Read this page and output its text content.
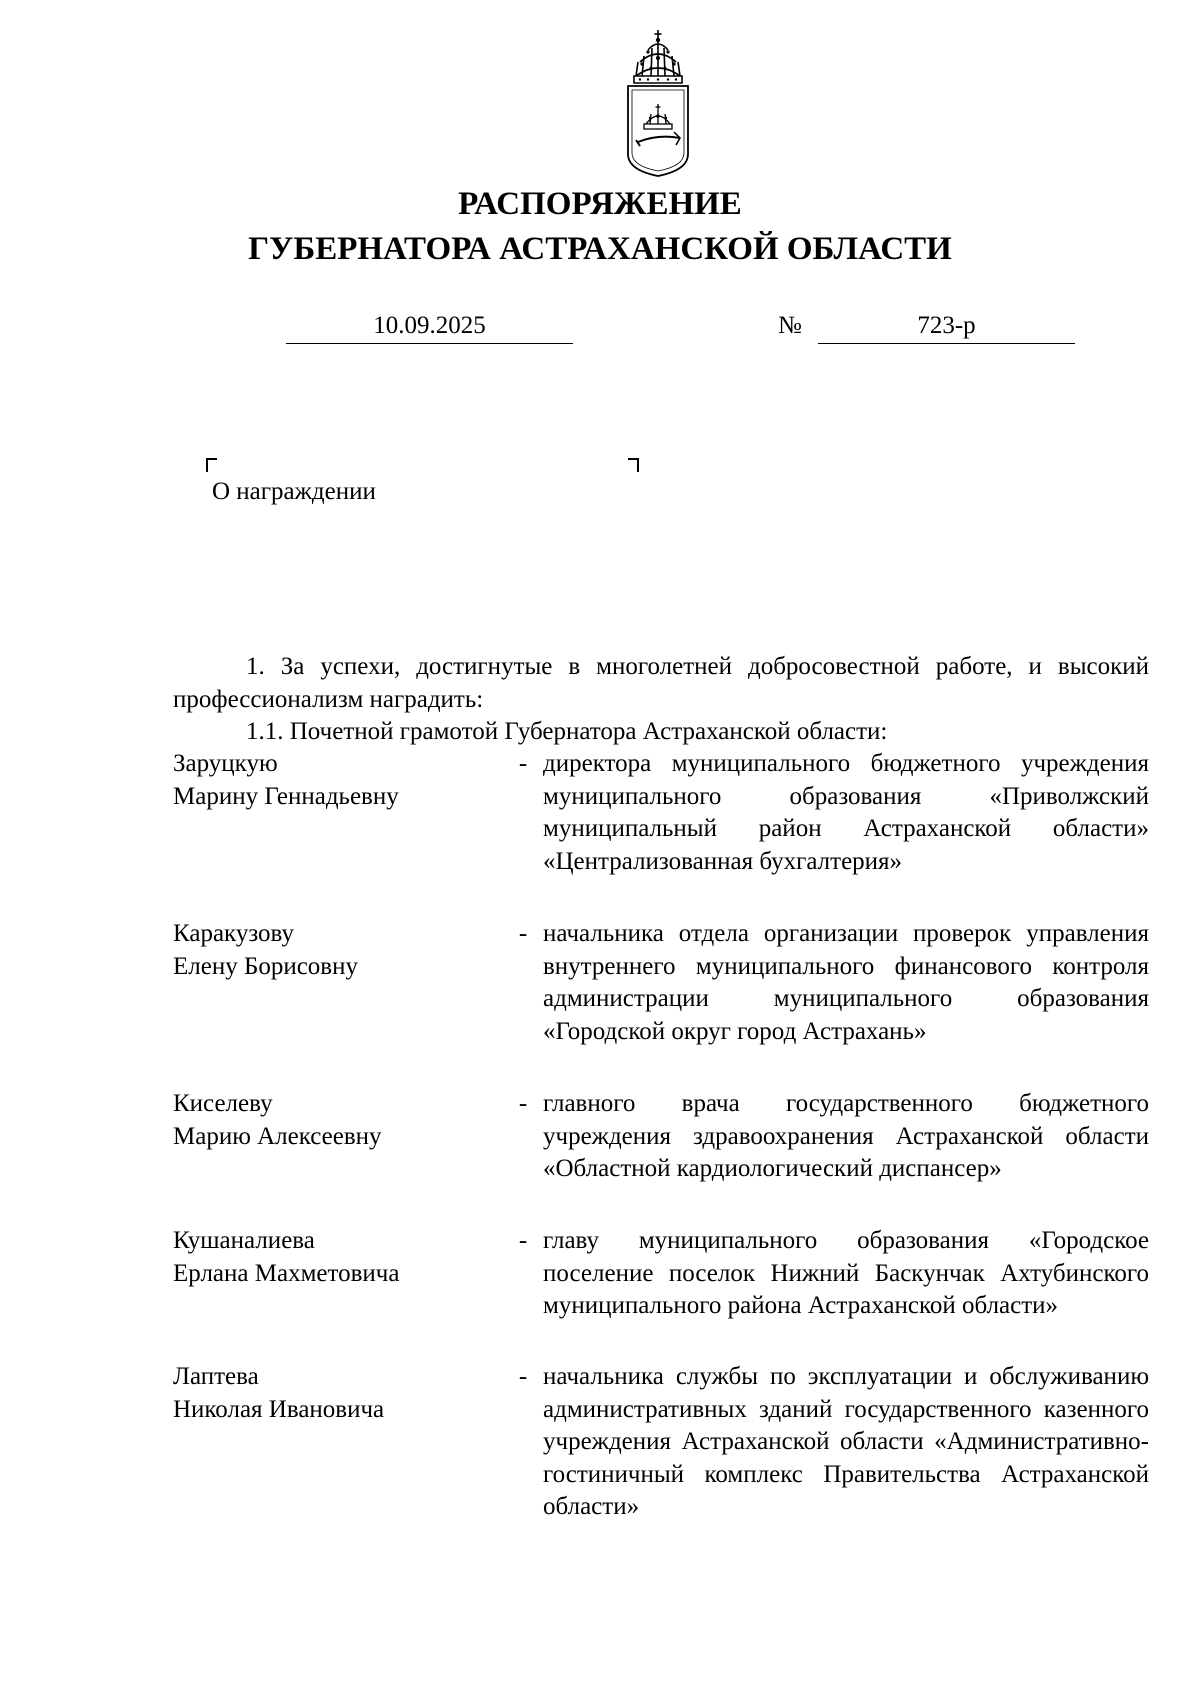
РАСПОРЯЖЕНИЕ
ГУБЕРНАТОРА АСТРАХАНСКОЙ ОБЛАСТИ
10.09.2025	№	723-р
О награждении
1. За успехи, достигнутые в многолетней добросовестной работе, и высокий профессионализм наградить:
1.1. Почетной грамотой Губернатора Астраханской области:
Заруцкую
Марину Геннадьевну
- директора муниципального бюджетного учреждения муниципального образования «Приволжский муниципальный район Астраханской области» «Централизованная бухгалтерия»
Каракузову
Елену Борисовну
- начальника отдела организации проверок управления внутреннего муниципального финансового контроля администрации муниципального образования «Городской округ город Астрахань»
Киселеву
Марию Алексеевну
- главного врача государственного бюджетного учреждения здравоохранения Астраханской области «Областной кардиологический диспансер»
Кушаналиева
Ерлана Махметовича
- главу муниципального образования «Городское поселение поселок Нижний Баскунчак Ахтубинского муниципального района Астраханской области»
Лаптева
Николая Ивановича
- начальника службы по эксплуатации и обслуживанию административных зданий государственного казенного учреждения Астраханской области «Административно-гостиничный комплекс Правительства Астраханской области»
